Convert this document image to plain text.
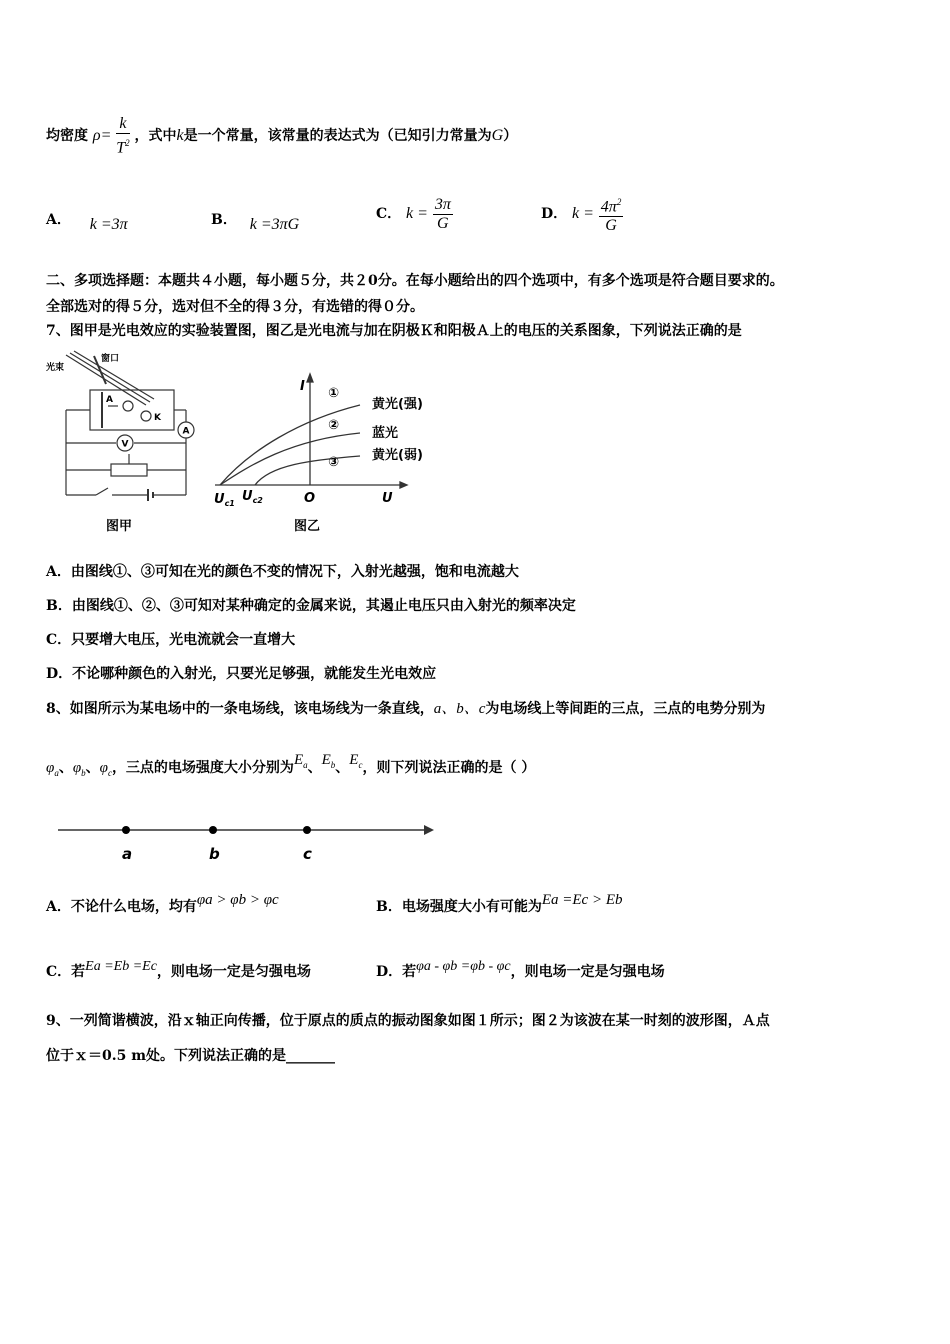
均密度 $\rho= \frac{k}{T^2}$ ，式中k是一个常量，该常量的表达式为（已知引力常量为G）
A． k =3π	B． k =3πG
C． $k = \frac{3\pi}{G}$	D． $k = \frac{4\pi^2}{G}$
二、多项选择题：本题共４小题，每小题５分，共２0分。在每小题给出的四个选项中，有多个选项是符合题目要求的。
全部选对的得５分，选对但不全的得３分，有选错的得０分。
7、图甲是光电效应的实验装置图，图乙是光电流与加在阴极Ｋ和阳极Ａ上的电压的关系图象，下列说法正确的是
光束
窗口
A
K
V
A
图甲
I
U
O
$U_{c1}$ $U_{c2}$
①
②
③
黄光(强)
蓝光
黄光(弱)
图乙
A．由图线①、③可知在光的颜色不变的情况下，入射光越强，饱和电流越大
B．由图线①、②、③可知对某种确定的金属来说，其遏止电压只由入射光的频率决定
C．只要增大电压，光电流就会一直增大
D．不论哪种颜色的入射光，只要光足够强，就能发生光电效应
8、如图所示为某电场中的一条电场线，该电场线为一条直线，a、b、c为电场线上等间距的三点，三点的电势分别为
$\varphi_a$、$\varphi_b$、$\varphi_c$，三点的电场强度大小分别为$E_a$、$E_b$、$E_c$，则下列说法正确的是（ ）
a	b	c
A．不论什么电场，均有φa > φb > φc	B．电场强度大小有可能为Ea =Ec > Eb
C．若Ea =Eb =Ec，则电场一定是匀强电场	D．若φa - φb =φb - φc，则电场一定是匀强电场
9、一列简谐横波，沿ｘ轴正向传播，位于原点的质点的振动图象如图１所示；图２为该波在某一时刻的波形图，Ａ点
位于ｘ＝0.5 m处。下列说法正确的是_______
